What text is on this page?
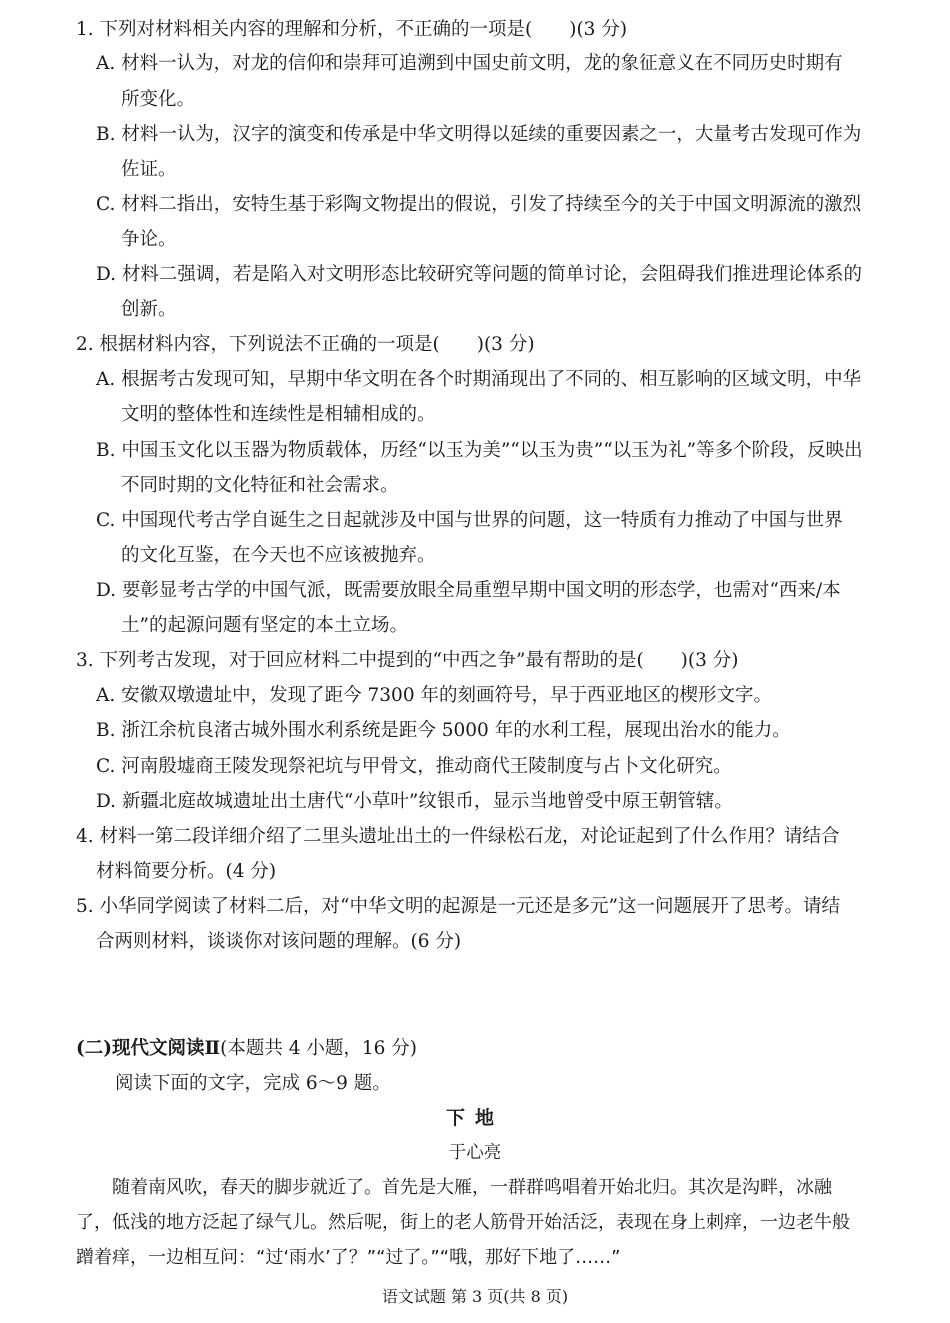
1. 下列对材料相关内容的理解和分析，不正确的一项是(　　)(3 分)
A. 材料一认为，对龙的信仰和崇拜可追溯到中国史前文明，龙的象征意义在不同历史时期有
所变化。
B. 材料一认为，汉字的演变和传承是中华文明得以延续的重要因素之一，大量考古发现可作为
佐证。
C. 材料二指出，安特生基于彩陶文物提出的假说，引发了持续至今的关于中国文明源流的激烈
争论。
D. 材料二强调，若是陷入对文明形态比较研究等问题的简单讨论，会阻碍我们推进理论体系的
创新。
2. 根据材料内容，下列说法不正确的一项是(　　)(3 分)
A. 根据考古发现可知，早期中华文明在各个时期涌现出了不同的、相互影响的区域文明，中华
文明的整体性和连续性是相辅相成的。
B. 中国玉文化以玉器为物质载体，历经“以玉为美”“以玉为贵”“以玉为礼”等多个阶段，反映出
不同时期的文化特征和社会需求。
C. 中国现代考古学自诞生之日起就涉及中国与世界的问题，这一特质有力推动了中国与世界
的文化互鉴，在今天也不应该被抛弃。
D. 要彰显考古学的中国气派，既需要放眼全局重塑早期中国文明的形态学，也需对“西来/本
土”的起源问题有坚定的本土立场。
3. 下列考古发现，对于回应材料二中提到的“中西之争”最有帮助的是(　　)(3 分)
A. 安徽双墩遗址中，发现了距今 7300 年的刻画符号，早于西亚地区的楔形文字。
B. 浙江余杭良渚古城外围水利系统是距今 5000 年的水利工程，展现出治水的能力。
C. 河南殷墟商王陵发现祭祀坑与甲骨文，推动商代王陵制度与占卜文化研究。
D. 新疆北庭故城遗址出土唐代“小草叶”纹银币，显示当地曾受中原王朝管辖。
4. 材料一第二段详细介绍了二里头遗址出土的一件绿松石龙，对论证起到了什么作用？请结合
材料简要分析。(4 分)
5. 小华同学阅读了材料二后，对“中华文明的起源是一元还是多元”这一问题展开了思考。请结
合两则材料，谈谈你对该问题的理解。(6 分)
(二)现代文阅读Ⅱ(本题共 4 小题，16 分)
阅读下面的文字，完成 6～9 题。
下地
于心亮
　　随着南风吹，春天的脚步就近了。首先是大雁，一群群鸣唱着开始北归。其次是沟畔，冰融
了，低浅的地方泛起了绿气儿。然后呢，街上的老人筋骨开始活泛，表现在身上刺痒，一边老牛般
蹭着痒，一边相互问：“过‘雨水’了？”“过了。”“哦，那好下地了……”
语文试题 第 3 页(共 8 页)
